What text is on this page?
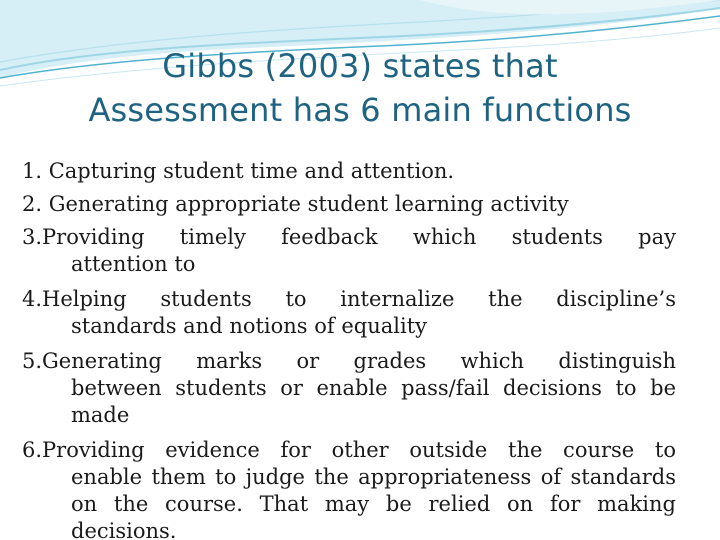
Gibbs (2003) states that
Assessment has 6 main functions
1. Capturing student time and attention.
2. Generating appropriate student learning activity
3.Providing timely feedback which students pay
attention to
4.Helping students to internalize the discipline’s
standards and notions of equality
5.Generating marks or grades which distinguish
between students or enable pass/fail decisions to be
made
6.Providing evidence for other outside the course to
enable them to judge the appropriateness of standards
on the course. That may be relied on for making
decisions.
